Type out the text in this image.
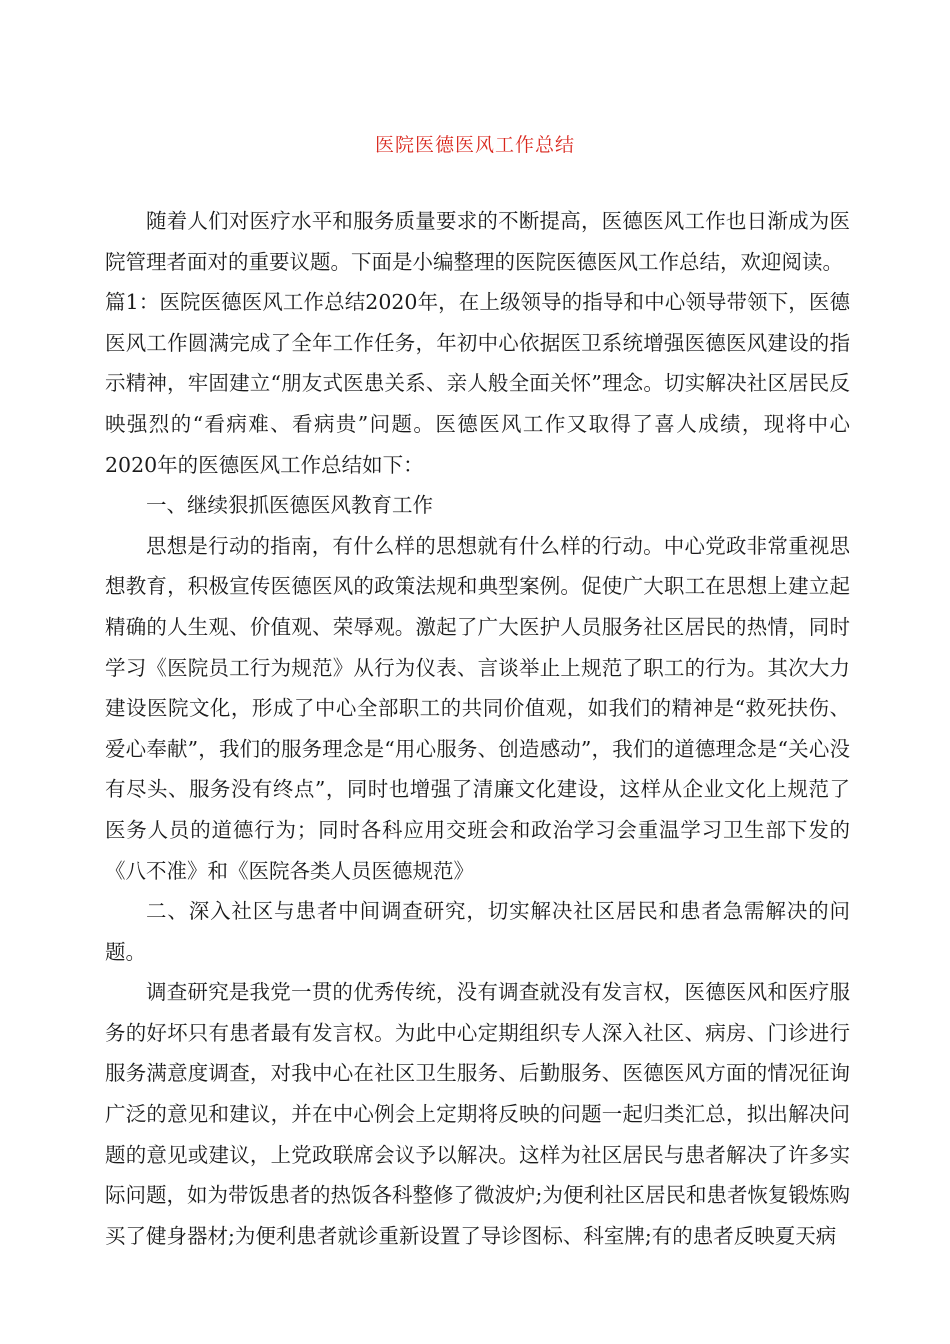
医院医德医风工作总结

随着人们对医疗水平和服务质量要求的不断提高，医德医风工作也日渐成为医院管理者面对的重要议题。下面是小编整理的医院医德医风工作总结，欢迎阅读。

篇1：医院医德医风工作总结2020年，在上级领导的指导和中心领导带领下，医德医风工作圆满完成了全年工作任务，年初中心依据医卫系统增强医德医风建设的指示精神，牢固建立“朋友式医患关系、亲人般全面关怀”理念。切实解决社区居民反映强烈的“看病难、看病贵”问题。医德医风工作又取得了喜人成绩，现将中心2020年的医德医风工作总结如下：

一、继续狠抓医德医风教育工作

思想是行动的指南，有什么样的思想就有什么样的行动。中心党政非常重视思想教育，积极宣传医德医风的政策法规和典型案例。促使广大职工在思想上建立起精确的人生观、价值观、荣辱观。激起了广大医护人员服务社区居民的热情，同时学习《医院员工行为规范》从行为仪表、言谈举止上规范了职工的行为。其次大力建设医院文化，形成了中心全部职工的共同价值观，如我们的精神是“救死扶伤、爱心奉献”，我们的服务理念是“用心服务、创造感动”，我们的道德理念是“关心没有尽头、服务没有终点”，同时也增强了清廉文化建设，这样从企业文化上规范了医务人员的道德行为；同时各科应用交班会和政治学习会重温学习卫生部下发的《八不准》和《医院各类人员医德规范》

二、深入社区与患者中间调查研究，切实解决社区居民和患者急需解决的问题。

调查研究是我党一贯的优秀传统，没有调查就没有发言权，医德医风和医疗服务的好坏只有患者最有发言权。为此中心定期组织专人深入社区、病房、门诊进行服务满意度调查，对我中心在社区卫生服务、后勤服务、医德医风方面的情况征询广泛的意见和建议，并在中心例会上定期将反映的问题一起归类汇总，拟出解决问题的意见或建议，上党政联席会议予以解决。这样为社区居民与患者解决了许多实际问题，如为带饭患者的热饭各科整修了微波炉;为便利社区居民和患者恢复锻炼购买了健身器材;为便利患者就诊重新设置了导诊图标、科室牌;有的患者反映夏天病
